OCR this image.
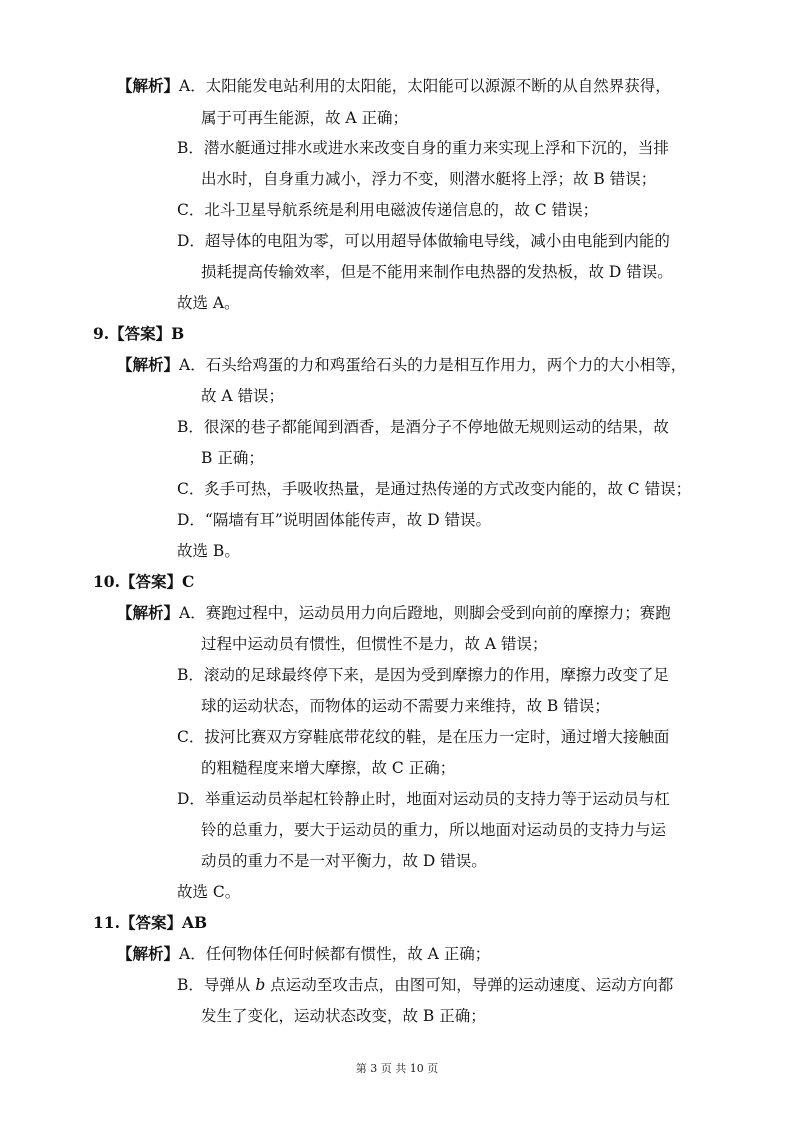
【解析】A．太阳能发电站利用的太阳能，太阳能可以源源不断的从自然界获得，
属于可再生能源，故 A 正确；
B．潜水艇通过排水或进水来改变自身的重力来实现上浮和下沉的，当排
出水时，自身重力减小，浮力不变，则潜水艇将上浮；故 B 错误；
C．北斗卫星导航系统是利用电磁波传递信息的，故 C 错误；
D．超导体的电阻为零，可以用超导体做输电导线，减小由电能到内能的
损耗提高传输效率，但是不能用来制作电热器的发热板，故 D 错误。
故选 A。
9.【答案】B
【解析】A．石头给鸡蛋的力和鸡蛋给石头的力是相互作用力，两个力的大小相等，
故 A 错误；
B．很深的巷子都能闻到酒香，是酒分子不停地做无规则运动的结果，故
B 正确；
C．炙手可热，手吸收热量，是通过热传递的方式改变内能的，故 C 错误；
D．“隔墙有耳”说明固体能传声，故 D 错误。
故选 B。
10.【答案】C
【解析】A．赛跑过程中，运动员用力向后蹬地，则脚会受到向前的摩擦力；赛跑
过程中运动员有惯性，但惯性不是力，故 A 错误；
B．滚动的足球最终停下来，是因为受到摩擦力的作用，摩擦力改变了足
球的运动状态，而物体的运动不需要力来维持，故 B 错误；
C．拔河比赛双方穿鞋底带花纹的鞋，是在压力一定时，通过增大接触面
的粗糙程度来增大摩擦，故 C 正确；
D．举重运动员举起杠铃静止时，地面对运动员的支持力等于运动员与杠
铃的总重力，要大于运动员的重力，所以地面对运动员的支持力与运
动员的重力不是一对平衡力，故 D 错误。
故选 C。
11.【答案】AB
【解析】A．任何物体任何时候都有惯性，故 A 正确；
B．导弹从 b 点运动至攻击点，由图可知，导弹的运动速度、运动方向都
发生了变化，运动状态改变，故 B 正确；
第 3 页 共 10 页
